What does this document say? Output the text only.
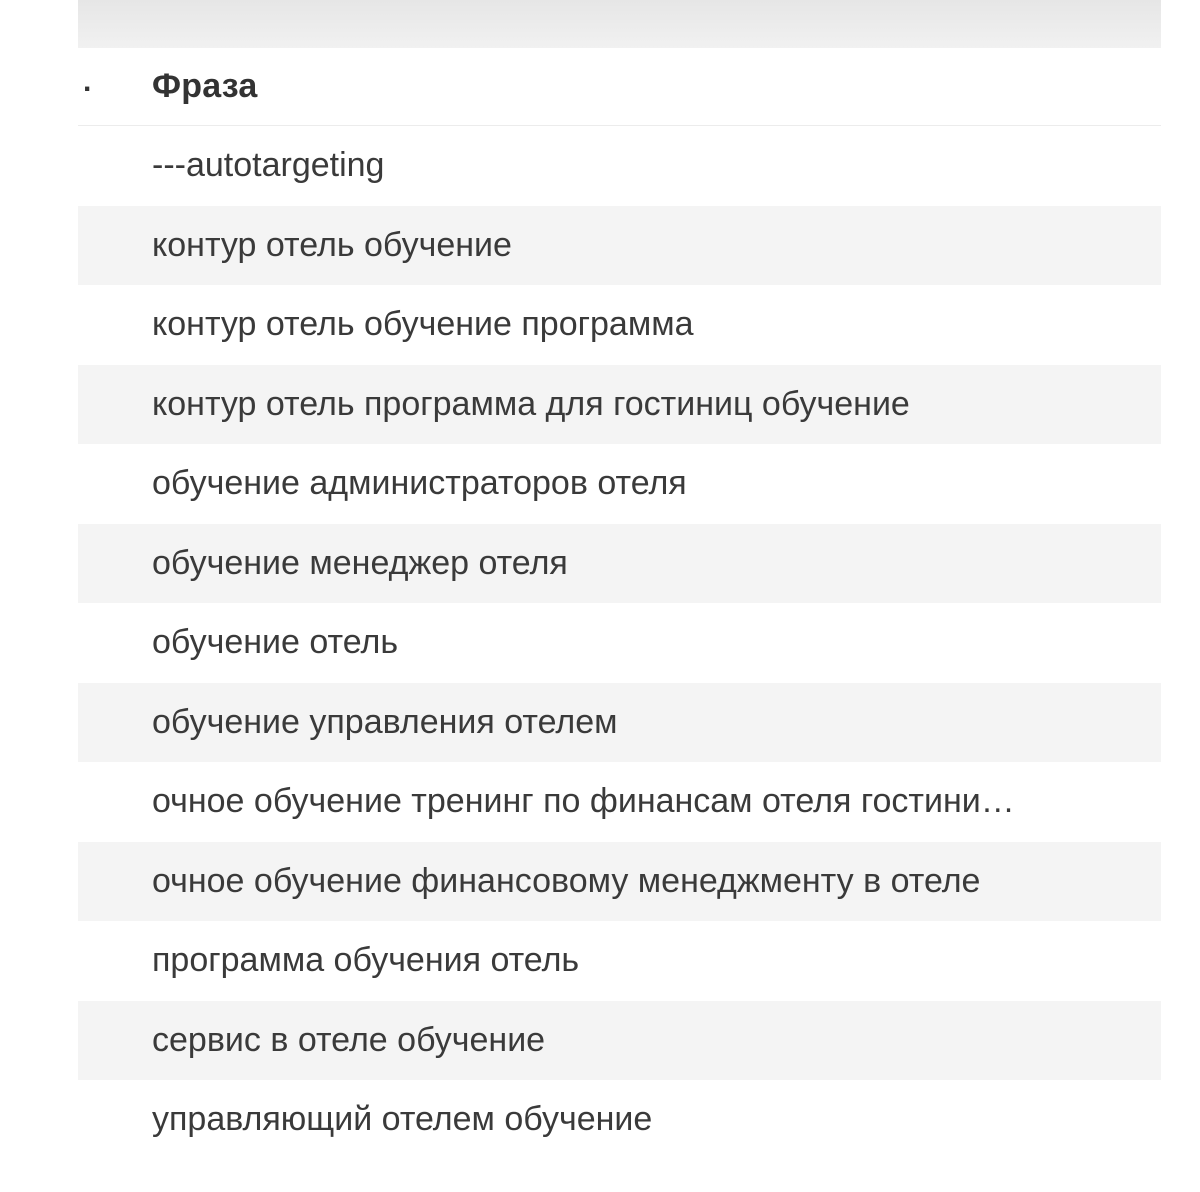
.	Фраза
---autotargeting
контур отель обучение
контур отель обучение программа
контур отель программа для гостиниц обучение
обучение администраторов отеля
обучение менеджер отеля
обучение отель
обучение управления отелем
очное обучение тренинг по финансам отеля гостини…
очное обучение финансовому менеджменту в отеле
программа обучения отель
сервис в отеле обучение
управляющий отелем обучение
